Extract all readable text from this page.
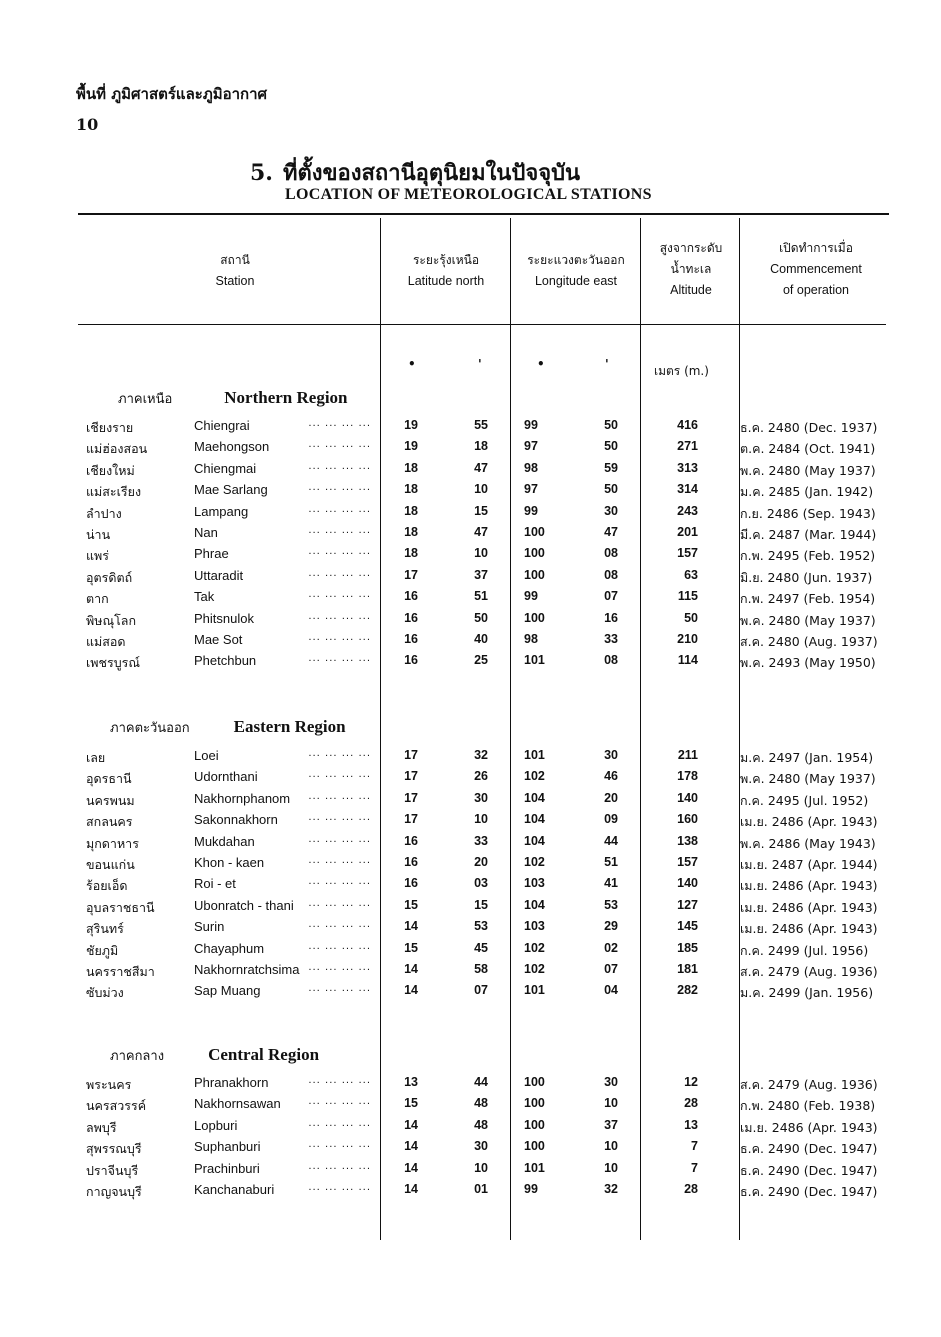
พื้นที่ ภูมิศาสตร์และภูมิอากาศ
10
5. ที่ตั้งของสถานีอุตุนิยมในปัจจุบัน
LOCATION OF METEOROLOGICAL STATIONS
สถานี
Station
ระยะรุ้งเหนือ
Latitude north
ระยะแวงตะวันออก
Longitude east
สูงจากระดับ
น้ำทะเล
Altitude
เปิดทำการเมื่อ
Commencement
of operation
•	'	•	'	เมตร (m.)
ภาคเหนือ	Northern Region
เชียงราย	Chiengrai	19	55	99	50	416	ธ.ค. 2480 (Dec. 1937)
... ... ... ...
แม่ฮ่องสอน	Maehongson	19	18	97	50	271	ต.ค. 2484 (Oct. 1941)
... ... ... ...
เชียงใหม่	Chiengmai	18	47	98	59	313	พ.ค. 2480 (May 1937)
... ... ... ...
แม่สะเรียง	Mae Sarlang	18	10	97	50	314	ม.ค. 2485 (Jan. 1942)
... ... ... ...
ลำปาง	Lampang	18	15	99	30	243	ก.ย. 2486 (Sep. 1943)
... ... ... ...
น่าน	Nan	18	47	100	47	201	มี.ค. 2487 (Mar. 1944)
... ... ... ...
แพร่	Phrae	18	10	100	08	157	ก.พ. 2495 (Feb. 1952)
... ... ... ...
อุตรดิตถ์	Uttaradit	17	37	100	08	63	มิ.ย. 2480 (Jun. 1937)
... ... ... ...
ตาก	Tak	16	51	99	07	115	ก.พ. 2497 (Feb. 1954)
... ... ... ...
พิษณุโลก	Phitsnulok	16	50	100	16	50	พ.ค. 2480 (May 1937)
... ... ... ...
แม่สอด	Mae Sot	16	40	98	33	210	ส.ค. 2480 (Aug. 1937)
... ... ... ...
เพชรบูรณ์	Phetchbun	16	25	101	08	114	พ.ค. 2493 (May 1950)
... ... ... ...
ภาคตะวันออก	Eastern Region
เลย	Loei	17	32	101	30	211	ม.ค. 2497 (Jan. 1954)
... ... ... ...
อุดรธานี	Udornthani	17	26	102	46	178	พ.ค. 2480 (May 1937)
... ... ... ...
นครพนม	Nakhornphanom	17	30	104	20	140	ก.ค. 2495 (Jul. 1952)
... ... ... ...
สกลนคร	Sakonnakhorn	17	10	104	09	160	เม.ย. 2486 (Apr. 1943)
... ... ... ...
มุกดาหาร	Mukdahan	16	33	104	44	138	พ.ค. 2486 (May 1943)
... ... ... ...
ขอนแก่น	Khon - kaen	16	20	102	51	157	เม.ย. 2487 (Apr. 1944)
... ... ... ...
ร้อยเอ็ด	Roi - et	16	03	103	41	140	เม.ย. 2486 (Apr. 1943)
... ... ... ...
อุบลราชธานี	Ubonratch - thani	15	15	104	53	127	เม.ย. 2486 (Apr. 1943)
... ... ... ...
สุรินทร์	Surin	14	53	103	29	145	เม.ย. 2486 (Apr. 1943)
... ... ... ...
ชัยภูมิ	Chayaphum	15	45	102	02	185	ก.ค. 2499 (Jul. 1956)
... ... ... ...
นครราชสีมา	Nakhornratchsima	14	58	102	07	181	ส.ค. 2479 (Aug. 1936)
... ... ... ...
ซับม่วง	Sap Muang	14	07	101	04	282	ม.ค. 2499 (Jan. 1956)
... ... ... ...
ภาคกลาง	Central Region
พระนคร	Phranakhorn	13	44	100	30	12	ส.ค. 2479 (Aug. 1936)
... ... ... ...
นครสวรรค์	Nakhornsawan	15	48	100	10	28	ก.พ. 2480 (Feb. 1938)
... ... ... ...
ลพบุรี	Lopburi	14	48	100	37	13	เม.ย. 2486 (Apr. 1943)
... ... ... ...
สุพรรณบุรี	Suphanburi	14	30	100	10	7	ธ.ค. 2490 (Dec. 1947)
... ... ... ...
ปราจีนบุรี	Prachinburi	14	10	101	10	7	ธ.ค. 2490 (Dec. 1947)
... ... ... ...
กาญจนบุรี	Kanchanaburi	14	01	99	32	28	ธ.ค. 2490 (Dec. 1947)
... ... ... ...
